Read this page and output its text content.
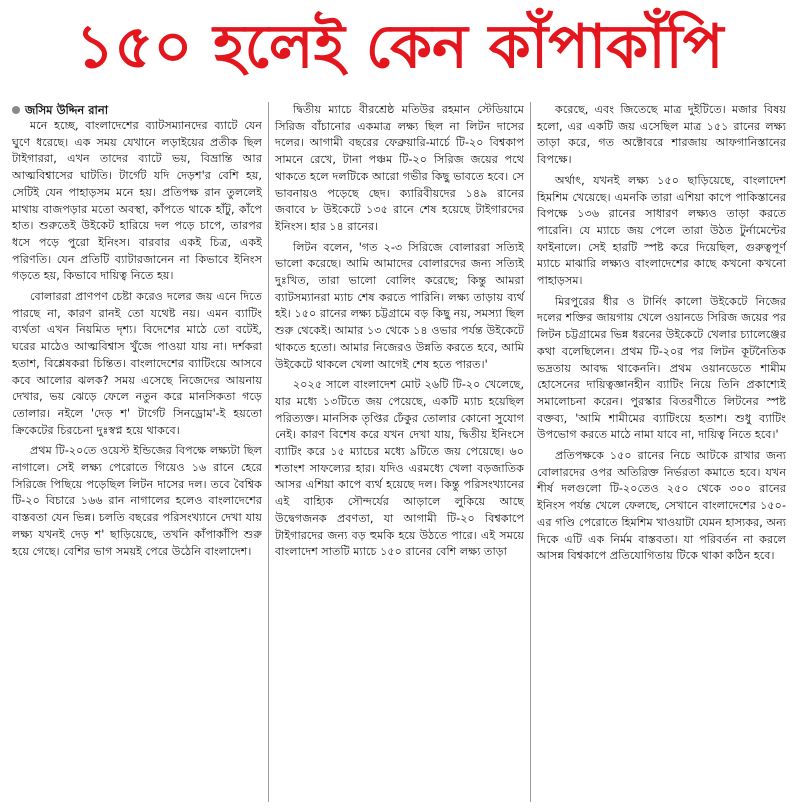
১৫০ হলেই কেন কাঁপাকাঁপি
জসিম উদ্দিন রানা

মনে হচ্ছে, বাংলাদেশের ব্যাটসম্যানদের ব্যাটে যেন ঘুণে ধরেছে। এক সময় যেখানে লড়াইয়ের প্রতীক ছিল টাইগাররা, এখন তাদের ব্যাটে ভয়, বিভ্রান্তি আর আত্মবিশ্বাসের ঘাটতি। টার্গেট যদি দেড়শ'র বেশি হয়, সেটিই যেন পাহাড়সম মনে হয়। প্রতিপক্ষ রান তুললেই মাথায় বাজপড়ার মতো অবস্থা, কাঁপতে থাকে হাঁটু, কাঁপে হাত। শুরুতেই উইকেট হারিয়ে দল পড়ে চাপে, তারপর ধসে পড়ে পুরো ইনিংস। বারবার একই চিত্র, একই পরিণতি। যেন প্রতিটি ব্যাটারজানেন না কিভাবে ইনিংস গড়তে হয়, কিভাবে দায়িত্ব নিতে হয়।

বোলাররা প্রাণপণ চেষ্টা করেও দলের জয় এনে দিতে পারছে না, কারণ রানই তো যথেষ্ট নয়। এমন ব্যাটিং ব্যর্থতা এখন নিয়মিত দৃশ্য। বিদেশের মাঠে তো বটেই, ঘরের মাঠেও আত্মবিশ্বাস খুঁজে পাওয়া যায় না। দর্শকরা হতাশ, বিশ্লেষকরা চিন্তিত। বাংলাদেশের ব্যাটিংয়ে আসবে কবে আলোর ঝলক? সময় এসেছে নিজেদের আয়নায় দেখার, ভয় ঝেড়ে ফেলে নতুন করে মানসিকতা গড়ে তোলার। নইলে 'দেড় শ' টার্গেট সিনড্রোম'-ই হয়তো ক্রিকেটের চিরচেনা দুঃস্বপ্ন হয়ে থাকবে।

প্রথম টি-২০তে ওয়েস্ট ইন্ডিজের বিপক্ষে লক্ষ্যটা ছিল নাগালে। সেই লক্ষ্য পেরোতে গিয়েও ১৬ রানে হেরে সিরিজে পিছিয়ে পড়েছিল লিটন দাসের দল। তবে বৈশ্বিক টি-২০ বিচারে ১৬৬ রান নাগালের হলেও বাংলাদেশের বাস্তবতা যেন ভিন্ন। চলতি বছরের পরিসংখ্যানে দেখা যায় লক্ষ্য যখনই দেড় শ' ছাড়িয়েছে, তখনি কাঁপাকাঁপি শুরু হয়ে গেছে। বেশির ভাগ সময়ই পেরে উঠেনি বাংলাদেশ।

দ্বিতীয় ম্যাচে বীরশ্রেষ্ঠ মতিউর রহমান স্টেডিয়ামে সিরিজ বাঁচানোর একমাত্র লক্ষ্য ছিল না লিটন দাসের দলের। আগামী বছরের ফেব্রুয়ারি-মার্চে টি-২০ বিশ্বকাপ সামনে রেখে, টানা পঞ্চম টি-২০ সিরিজ জয়ের পথে থাকতে হলে দলটিকে আরো গভীর কিছু ভাবতে হবে। সে ভাবনায়ও পড়েছে ছেদ। ক্যারিবীয়দের ১৪৯ রানের জবাবে ৮ উইকেটে ১৩৫ রানে শেষ হয়েছে টাইগারদের ইনিংস। হার ১৪ রানের।

লিটন বলেন, 'গত ২-৩ সিরিজে বোলাররা সত্যিই ভালো করেছে। আমি আমাদের বোলারদের জন্য সত্যিই দুঃখিত, তারা ভালো বোলিং করেছে; কিন্তু আমরা ব্যাটসম্যানরা ম্যাচ শেষ করতে পারিনি। লক্ষ্য তাড়ায় ব্যর্থ হই। ১৫০ রানের লক্ষ্য চট্টগ্রামে বড় কিছু নয়, সমস্যা ছিল শুরু থেকেই। আমার ১৩ থেকে ১৪ ওভার পর্যন্ত উইকেটে থাকতে হতো। আমার নিজেরও উন্নতি করতে হবে, আমি উইকেটে থাকলে খেলা আগেই শেষ হতে পারত।'

২০২৫ সালে বাংলাদেশ মোট ২৬টি টি-২০ খেলেছে, যার মধ্যে ১৩টিতে জয় পেয়েছে, একটি ম্যাচ হয়েছিল পরিত্যক্ত। মানসিক তৃপ্তির ঢেঁকুর তোলার কোনো সুযোগ নেই। কারণ বিশেষ করে যখন দেখা যায়, দ্বিতীয় ইনিংসে ব্যাটিং করে ১৫ ম্যাচের মধ্যে ৯টিতে জয় পেয়েছে। ৬০ শতাংশ সাফল্যের হার। যদিও এরমধ্যে খেলা বড়জাতিক আসর এশিয়া কাপে ব্যর্থ হয়েছে দল। কিন্তু পরিসংখ্যানের এই বাহ্যিক সৌন্দর্যের আড়ালে লুকিয়ে আছে উদ্বেগজনক প্রবণতা, যা আগামী টি-২০ বিশ্বকাপে টাইগারদের জন্য বড় হুমকি হয়ে উঠতে পারে। এই সময়ে বাংলাদেশ সাতটি ম্যাচে ১৫০ রানের বেশি লক্ষ্য তাড়া

করেছে, এবং জিতেছে মাত্র দুইটিতে। মজার বিষয় হলো, এর একটি জয় এসেছিল মাত্র ১৫১ রানের লক্ষ্য তাড়া করে, গত অক্টোবরে শারজায় আফগানিস্তানের বিপক্ষে।

অর্থাৎ, যখনই লক্ষ্য ১৫০ ছাড়িয়েছে, বাংলাদেশ হিমশিম খেয়েছে। এমনকি তারা এশিয়া কাপে পাকিস্তানের বিপক্ষে ১৩৬ রানের সাধারণ লক্ষ্যও তাড়া করতে পারেনি। যে ম্যাচে জয় পেলে তারা উঠত টুর্নামেন্টের ফাইনালে। সেই হারটি স্পষ্ট করে দিয়েছিল, গুরুত্বপূর্ণ ম্যাচে মাঝারি লক্ষ্যও বাংলাদেশের কাছে কখনো কখনো পাহাড়সম।

মিরপুরের ধীর ও টার্নিং কালো উইকেটে নিজের দলের শক্তির জায়গায় খেলে ওয়ানডে সিরিজ জয়ের পর লিটন চট্টগ্রামের ভিন্ন ধরনের উইকেটে খেলার চ্যালেঞ্জের কথা বলেছিলেন। প্রথম টি-২০র পর লিটন কূটনৈতিক ভদ্রতায় আবদ্ধ থাকেননি। প্রথম ওয়ানডেতে শামীম হোসেনের দায়িত্বজ্ঞানহীন ব্যাটিং নিয়ে তিনি প্রকাশ্যেই সমালোচনা করেন। পুরস্কার বিতরণীতে লিটনের স্পষ্ট বক্তব্য, 'আমি শামীমের ব্যাটিংয়ে হতাশ। শুধু ব্যাটিং উপভোগ করতে মাঠে নামা যাবে না, দায়িত্ব নিতে হবে।'

প্রতিপক্ষকে ১৫০ রানের নিচে আটকে রাখার জন্য বোলারদের ওপর অতিরিক্ত নির্ভরতা কমাতে হবে। যখন শীর্ষ দলগুলো টি-২০তেও ২৫০ থেকে ৩০০ রানের ইনিংস পর্যন্ত খেলে ফেলছে, সেখানে বাংলাদেশের ১৫০-এর গণ্ডি পেরোতে হিমশিম খাওয়াটা যেমন হাস্যকর, অন্য দিকে এটি এক নির্মম বাস্তবতা। যা পরিবর্তন না করলে আসন্ন বিশ্বকাপে প্রতিযোগিতায় টিকে থাকা কঠিন হবে।
